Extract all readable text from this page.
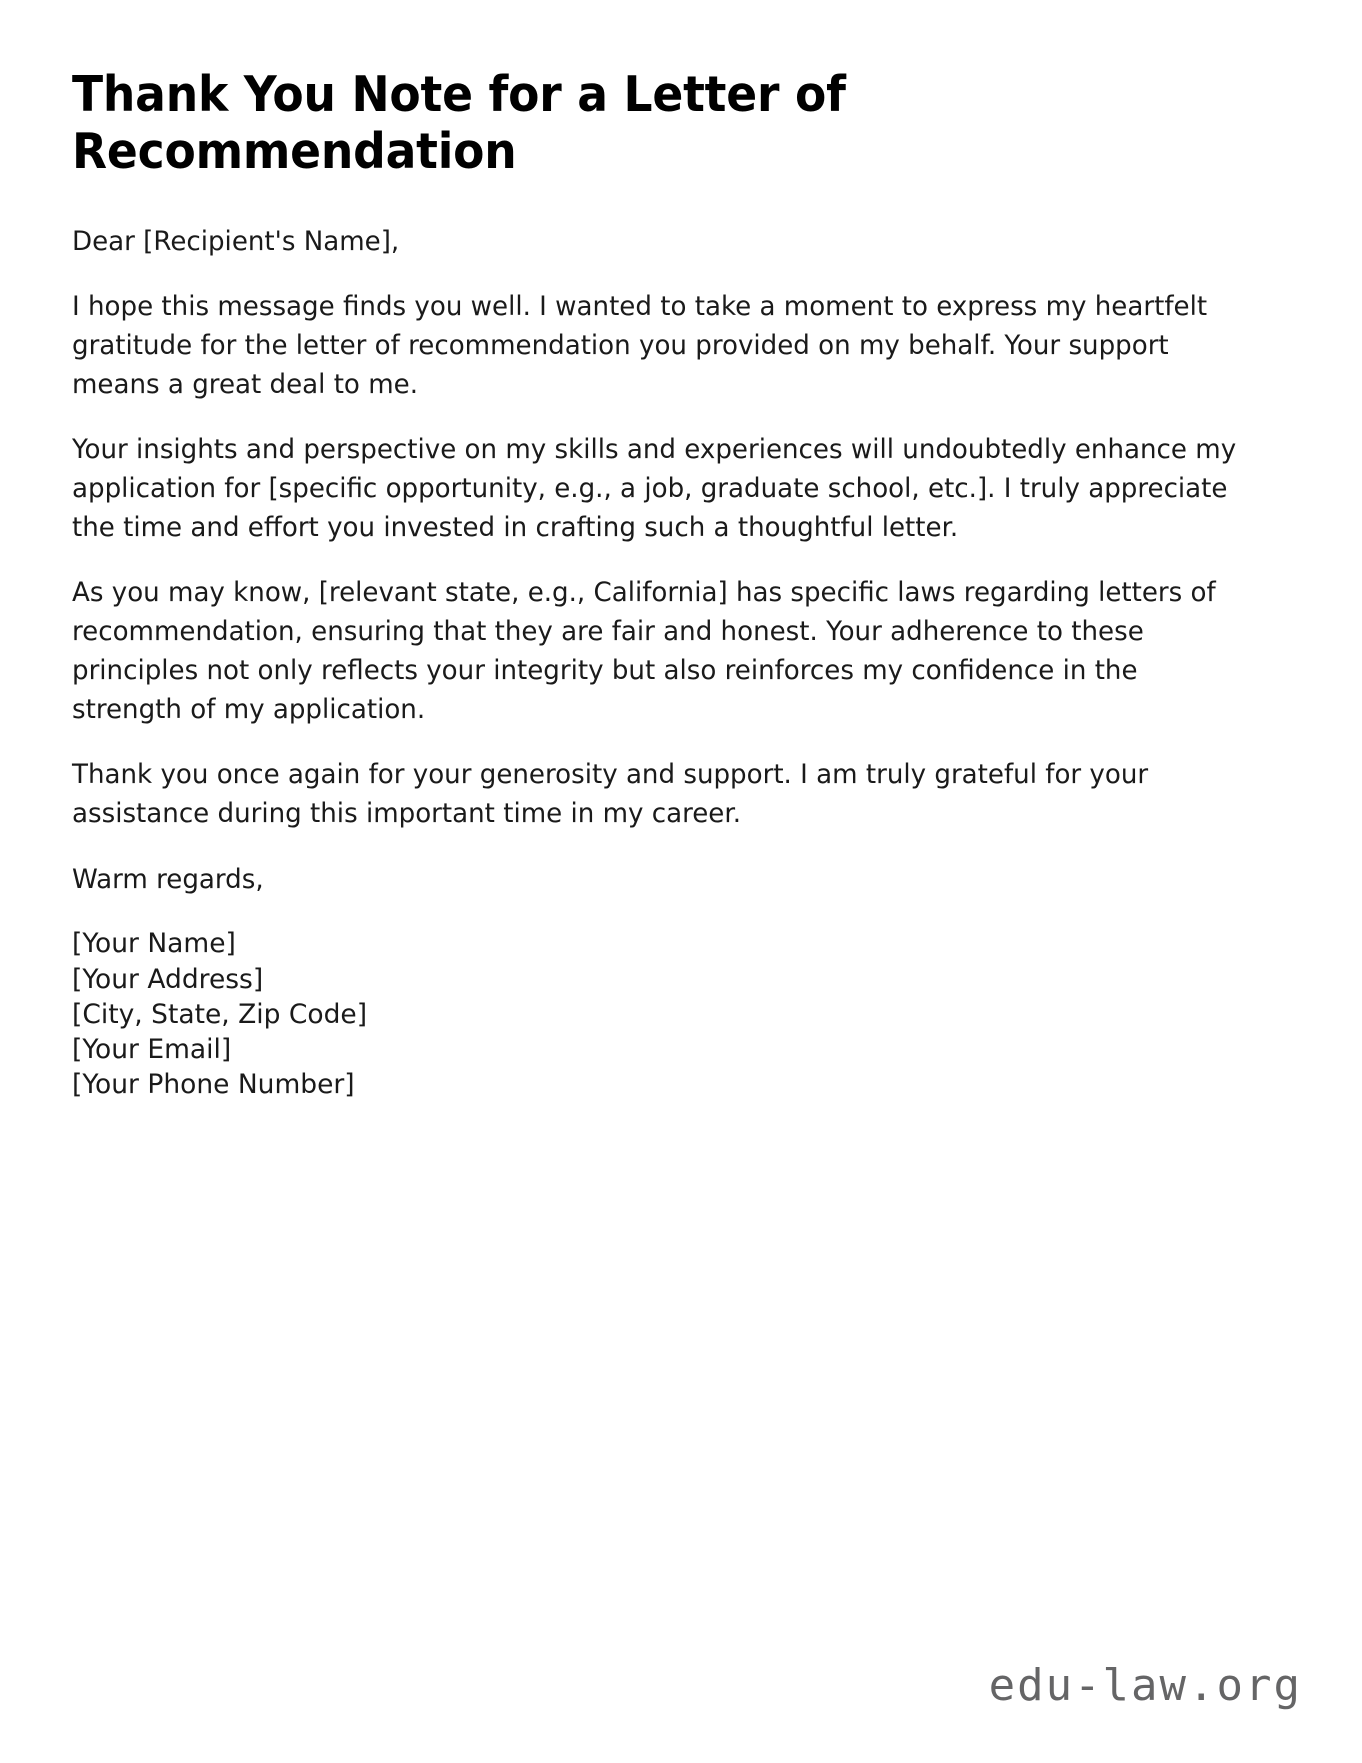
Thank You Note for a Letter of Recommendation

Dear [Recipient's Name],

I hope this message finds you well. I wanted to take a moment to express my heartfelt gratitude for the letter of recommendation you provided on my behalf. Your support means a great deal to me.

Your insights and perspective on my skills and experiences will undoubtedly enhance my application for [specific opportunity, e.g., a job, graduate school, etc.]. I truly appreciate the time and effort you invested in crafting such a thoughtful letter.

As you may know, [relevant state, e.g., California] has specific laws regarding letters of recommendation, ensuring that they are fair and honest. Your adherence to these principles not only reflects your integrity but also reinforces my confidence in the strength of my application.

Thank you once again for your generosity and support. I am truly grateful for your assistance during this important time in my career.

Warm regards,

[Your Name]
[Your Address]
[City, State, Zip Code]
[Your Email]
[Your Phone Number]
edu-law.org
